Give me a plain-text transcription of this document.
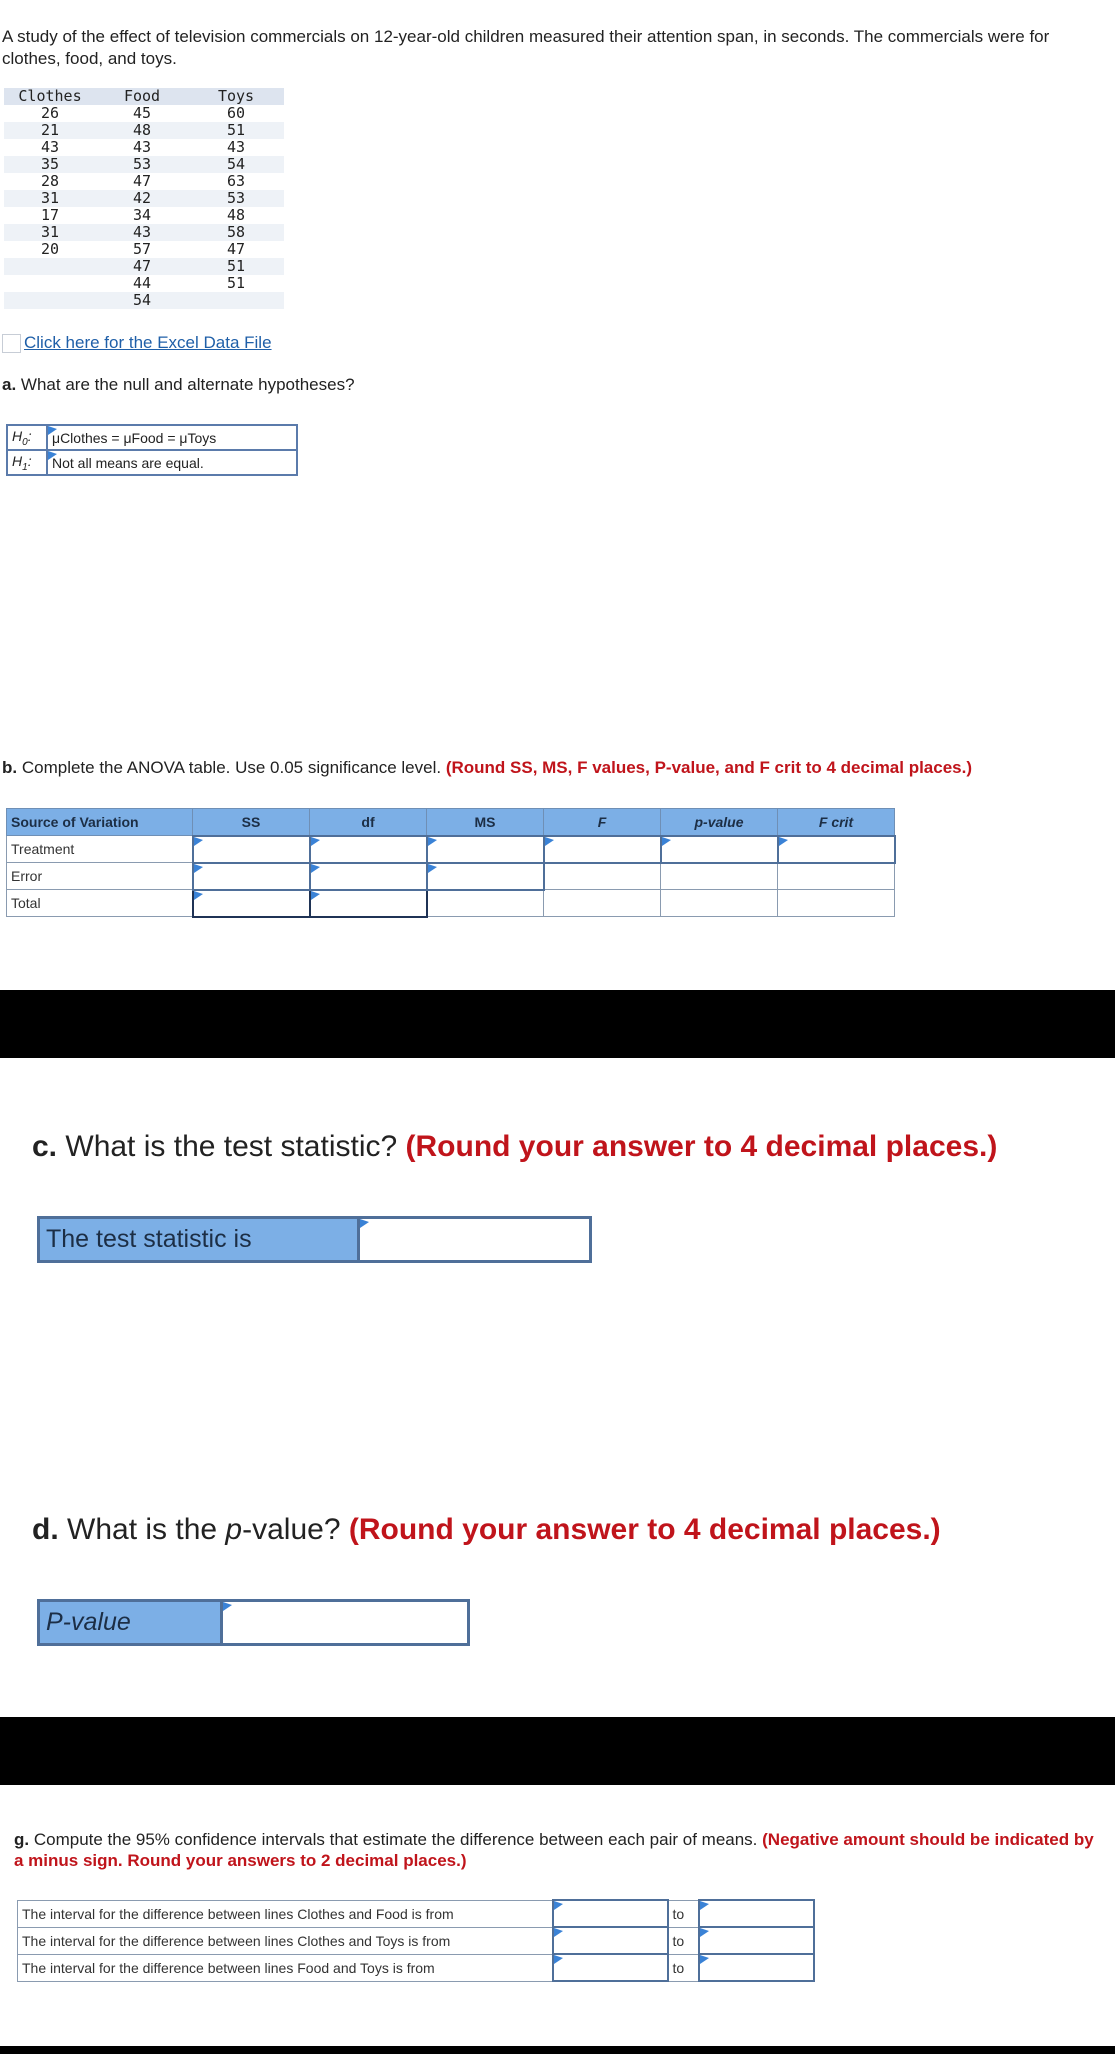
A study of the effect of television commercials on 12-year-old children measured their attention span, in seconds. The commercials were for clothes, food, and toys.
Clothes	Food	Toys
26	45	60
21	48	51
43	43	43
35	53	54
28	47	63
31	42	53
17	34	48
31	43	58
20	57	47
	47	51
	44	51
	54	
Click here for the Excel Data File
a. What are the null and alternate hypotheses?
$H_0$:	μClothes = μFood = μToys
$H_1$:	Not all means are equal.
b. Complete the ANOVA table. Use 0.05 significance level. (Round SS, MS, F values, P-value, and F crit to 4 decimal places.)
Source of Variation	SS	df	MS	F	p-value	F crit
Treatment	

Error	

Total	

c. What is the test statistic? (Round your answer to 4 decimal places.)
The test statistic is
d. What is the p-value? (Round your answer to 4 decimal places.)
P-value
g. Compute the 95% confidence intervals that estimate the difference between each pair of means. (Negative amount should be indicated by a minus sign. Round your answers to 2 decimal places.)
The interval for the difference between lines Clothes and Food is from		to	

The interval for the difference between lines Clothes and Toys is from		to	

The interval for the difference between lines Food and Toys is from		to	
